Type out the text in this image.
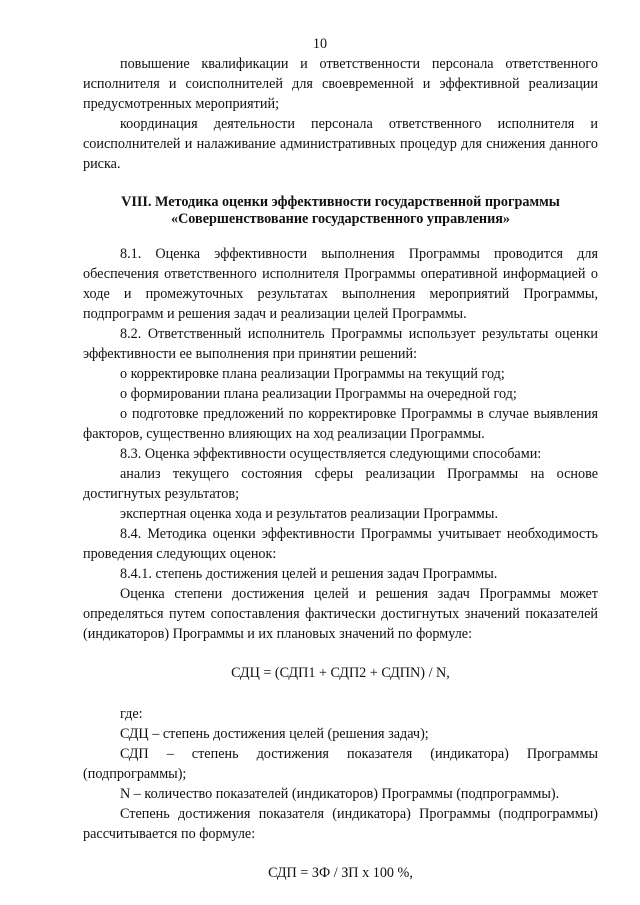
10

повышение квалификации и ответственности персонала ответственного исполнителя и соисполнителей для своевременной и эффективной реализации предусмотренных мероприятий;

координация деятельности персонала ответственного исполнителя и соисполнителей и налаживание административных процедур для снижения данного риска.

VIII. Методика оценки эффективности государственной программы
«Совершенствование государственного управления»

8.1. Оценка эффективности выполнения Программы проводится для обеспечения ответственного исполнителя Программы оперативной информацией о ходе и промежуточных результатах выполнения мероприятий Программы, подпрограмм и решения задач и реализации целей Программы.

8.2. Ответственный исполнитель Программы использует результаты оценки эффективности ее выполнения при принятии решений:

о корректировке плана реализации Программы на текущий год;

о формировании плана реализации Программы на очередной год;

о подготовке предложений по корректировке Программы в случае выявления факторов, существенно влияющих на ход реализации Программы.

8.3. Оценка эффективности осуществляется следующими способами:

анализ текущего состояния сферы реализации Программы на основе достигнутых результатов;

экспертная оценка хода и результатов реализации Программы.

8.4. Методика оценки эффективности Программы учитывает необходимость проведения следующих оценок:

8.4.1. степень достижения целей и решения задач Программы.

Оценка степени достижения целей и решения задач Программы может определяться путем сопоставления фактически достигнутых значений показателей (индикаторов) Программы и их плановых значений по формуле:

СДЦ = (СДП1 + СДП2 + СДПN) / N,

где:

СДЦ – степень достижения целей (решения задач);

СДП – степень достижения показателя (индикатора) Программы (подпрограммы);

N – количество показателей (индикаторов) Программы (подпрограммы).

Степень достижения показателя (индикатора) Программы (подпрограммы) рассчитывается по формуле:

СДП = ЗФ / ЗП х 100 %,
